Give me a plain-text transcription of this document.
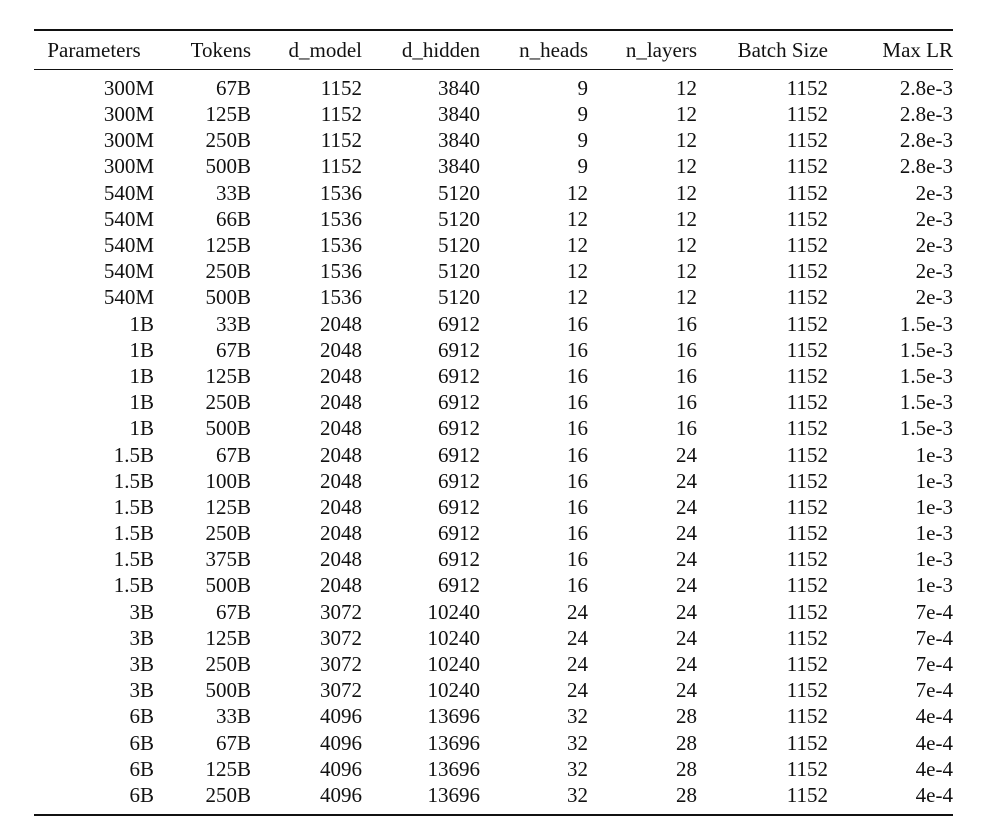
Parameters	Tokens	d_model	d_hidden	n_heads	n_layers	Batch Size	Max LR
300M	67B	1152	3840	9	12	1152	2.8e-3
300M	125B	1152	3840	9	12	1152	2.8e-3
300M	250B	1152	3840	9	12	1152	2.8e-3
300M	500B	1152	3840	9	12	1152	2.8e-3
540M	33B	1536	5120	12	12	1152	2e-3
540M	66B	1536	5120	12	12	1152	2e-3
540M	125B	1536	5120	12	12	1152	2e-3
540M	250B	1536	5120	12	12	1152	2e-3
540M	500B	1536	5120	12	12	1152	2e-3
1B	33B	2048	6912	16	16	1152	1.5e-3
1B	67B	2048	6912	16	16	1152	1.5e-3
1B	125B	2048	6912	16	16	1152	1.5e-3
1B	250B	2048	6912	16	16	1152	1.5e-3
1B	500B	2048	6912	16	16	1152	1.5e-3
1.5B	67B	2048	6912	16	24	1152	1e-3
1.5B	100B	2048	6912	16	24	1152	1e-3
1.5B	125B	2048	6912	16	24	1152	1e-3
1.5B	250B	2048	6912	16	24	1152	1e-3
1.5B	375B	2048	6912	16	24	1152	1e-3
1.5B	500B	2048	6912	16	24	1152	1e-3
3B	67B	3072	10240	24	24	1152	7e-4
3B	125B	3072	10240	24	24	1152	7e-4
3B	250B	3072	10240	24	24	1152	7e-4
3B	500B	3072	10240	24	24	1152	7e-4
6B	33B	4096	13696	32	28	1152	4e-4
6B	67B	4096	13696	32	28	1152	4e-4
6B	125B	4096	13696	32	28	1152	4e-4
6B	250B	4096	13696	32	28	1152	4e-4
